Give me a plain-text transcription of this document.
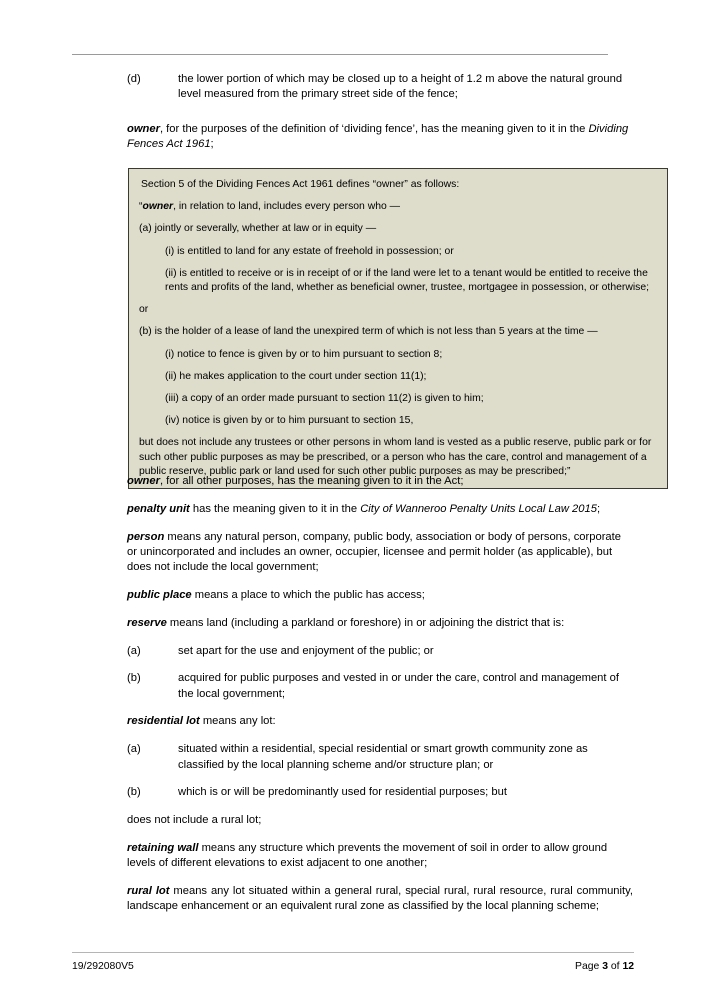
(d)	the lower portion of which may be closed up to a height of 1.2 m above the natural ground level measured from the primary street side of the fence;

owner, for the purposes of the definition of ‘dividing fence’, has the meaning given to it in the Dividing Fences Act 1961;

Section 5 of the Dividing Fences Act 1961 defines “owner” as follows:

“owner, in relation to land, includes every person who —

(a) jointly or severally, whether at law or in equity —

(i) is entitled to land for any estate of freehold in possession; or

(ii) is entitled to receive or is in receipt of or if the land were let to a tenant would be entitled to receive the rents and profits of the land, whether as beneficial owner, trustee, mortgagee in possession, or otherwise;

or

(b) is the holder of a lease of land the unexpired term of which is not less than 5 years at the time —

(i) notice to fence is given by or to him pursuant to section 8;

(ii) he makes application to the court under section 11(1);

(iii) a copy of an order made pursuant to section 11(2) is given to him;

(iv) notice is given by or to him pursuant to section 15,

but does not include any trustees or other persons in whom land is vested as a public reserve, public park or for such other public purposes as may be prescribed, or a person who has the care, control and management of a public reserve, public park or land used for such other public purposes as may be prescribed;”

owner, for all other purposes, has the meaning given to it in the Act;

penalty unit has the meaning given to it in the City of Wanneroo Penalty Units Local Law 2015;

person means any natural person, company, public body, association or body of persons, corporate or unincorporated and includes an owner, occupier, licensee and permit holder (as applicable), but does not include the local government;

public place means a place to which the public has access;

reserve means land (including a parkland or foreshore) in or adjoining the district that is:

(a)	set apart for the use and enjoyment of the public; or
(b)	acquired for public purposes and vested in or under the care, control and management of the local government;

residential lot means any lot:

(a)	situated within a residential, special residential or smart growth community zone as classified by the local planning scheme and/or structure plan; or
(b)	which is or will be predominantly used for residential purposes; but

does not include a rural lot;

retaining wall means any structure which prevents the movement of soil in order to allow ground levels of different elevations to exist adjacent to one another;

rural lot means any lot situated within a general rural, special rural, rural resource, rural community, landscape enhancement or an equivalent rural zone as classified by the local planning scheme;

19/292080V5	Page 3 of 12
